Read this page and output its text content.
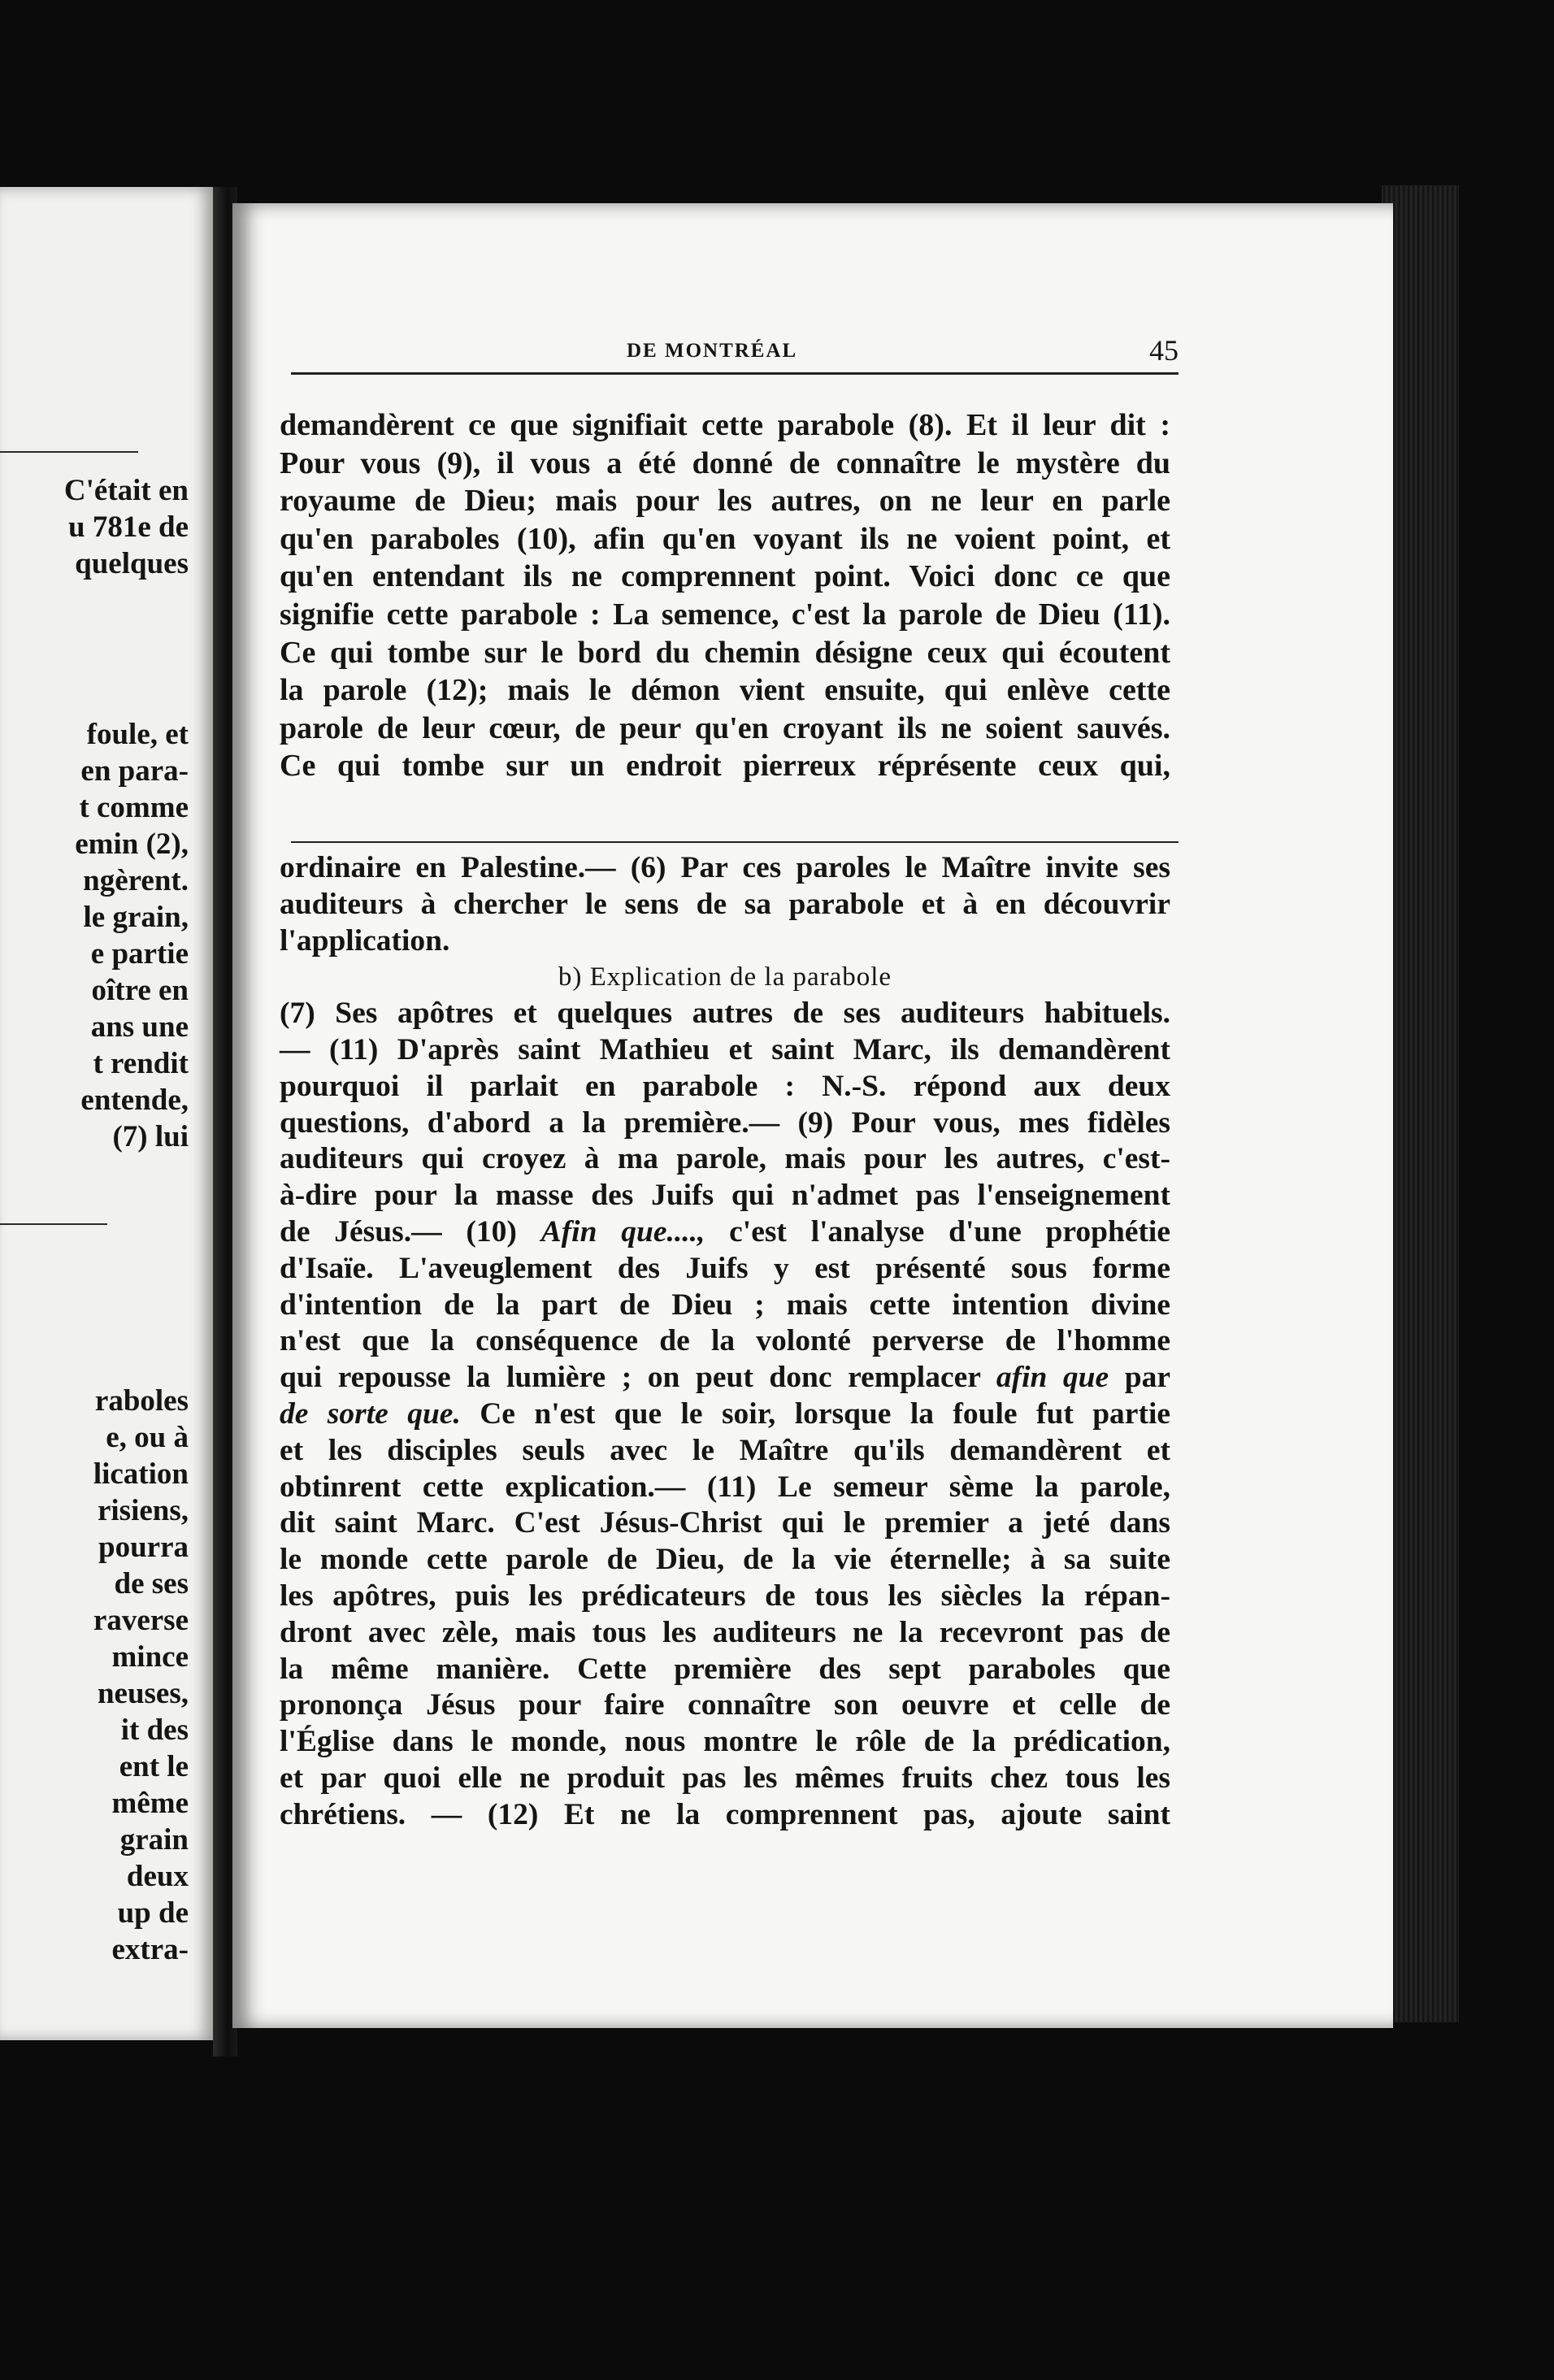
C'était en
u 781e de
quelques
foule, et
en para-
t comme
emin (2),
ngèrent.
le grain,
e partie
oître en
ans une
t rendit
entende,
(7) lui
raboles
e, ou à
lication
risiens,
pourra
de ses
raverse
mince
neuses,
it des
ent le
même
grain
deux
up de
extra-
DE MONTRÉAL	45
demandèrent ce que signifiait cette parabole (8). Et il leur dit :
Pour vous (9), il vous a été donné de connaître le mystère du
royaume de Dieu; mais pour les autres, on ne leur en parle
qu'en paraboles (10), afin qu'en voyant ils ne voient point, et
qu'en entendant ils ne comprennent point. Voici donc ce que
signifie cette parabole : La semence, c'est la parole de Dieu (11).
Ce qui tombe sur le bord du chemin désigne ceux qui écoutent
la parole (12); mais le démon vient ensuite, qui enlève cette
parole de leur cœur, de peur qu'en croyant ils ne soient sauvés.
Ce qui tombe sur un endroit pierreux réprésente ceux qui,
ordinaire en Palestine.— (6) Par ces paroles le Maître invite ses
auditeurs à chercher le sens de sa parabole et à en découvrir
l'application.
b) Explication de la parabole
(7) Ses apôtres et quelques autres de ses auditeurs habituels.
— (11) D'après saint Mathieu et saint Marc, ils demandèrent
pourquoi il parlait en parabole : N.-S. répond aux deux
questions, d'abord a la première.— (9) Pour vous, mes fidèles
auditeurs qui croyez à ma parole, mais pour les autres, c'est-
à-dire pour la masse des Juifs qui n'admet pas l'enseignement
de Jésus.— (10) Afin que...., c'est l'analyse d'une prophétie
d'Isaïe. L'aveuglement des Juifs y est présenté sous forme
d'intention de la part de Dieu ; mais cette intention divine
n'est que la conséquence de la volonté perverse de l'homme
qui repousse la lumière ; on peut donc remplacer afin que par
de sorte que. Ce n'est que le soir, lorsque la foule fut partie
et les disciples seuls avec le Maître qu'ils demandèrent et
obtinrent cette explication.— (11) Le semeur sème la parole,
dit saint Marc. C'est Jésus-Christ qui le premier a jeté dans
le monde cette parole de Dieu, de la vie éternelle; à sa suite
les apôtres, puis les prédicateurs de tous les siècles la répan-
dront avec zèle, mais tous les auditeurs ne la recevront pas de
la même manière. Cette première des sept paraboles que
prononça Jésus pour faire connaître son oeuvre et celle de
l'Église dans le monde, nous montre le rôle de la prédication,
et par quoi elle ne produit pas les mêmes fruits chez tous les
chrétiens. — (12) Et ne la comprennent pas, ajoute saint
